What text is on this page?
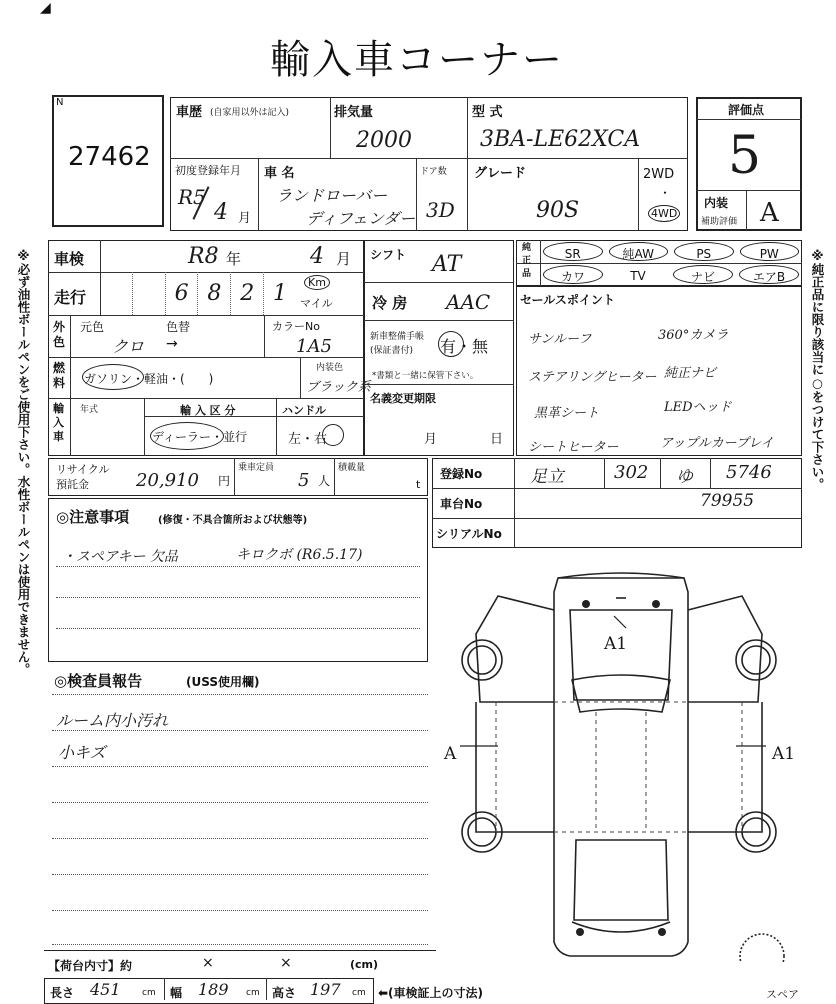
◢
輸入車コーナー
※必ず油性ボールペンをご使用下さい。水性ボールペンは使用できません。	※純正品に限り該当に○をつけて下さい。
N
27462
車歴 (自家用以外は記入)	排気量
2000
型 式
3BA-LE62XCA
初度登録年月
R5
4 月
車 名
ランドローバー
ディフェンダー
ドア数
3D
グレード
90S
2WD
・
4WD
評価点
5
内装
補助評価 A
車検	R8 年	4 月
走行	6 8 2 1	Km
マイル
外色
元色
クロ
色替
→
カラーNo
1A5
燃料 ガソリン・軽油・(　　)
内装色
ブラック系
輸入車
年式	輸 入 区 分
ディーラー・並行
ハンドル
左・右
シフト AT
冷 房 AAC
新車整備手帳(保証書付)	有・無
*書類と一緒に保管下さい。
名義変更期限
月	日
純正品
SR	純AW	PS	PW
カワ	TV	ナビ	エアB
セールスポイント
サンルーフ	360°カメラ
ステアリングヒーター 純正ナビ
黒革シート	LEDヘッド
シートヒーター	アップルカープレイ
リサイクル
預託金	20,910 円
乗車定員
5 人
積載量
t
登録No	足立	302 ゆ 5746
車台No	79955
シリアルNo
◎注意事項	(修復・不具合箇所および状態等)
・スペアキー 欠品	キロクボ (R6.5.17)
◎検査員報告	(USS使用欄)
ルーム内小汚れ
小キズ
A1
A	A1
スペア
【荷台内寸】約	×	×	(cm)
長さ 451 cm 幅 189 cm 高さ 197 cm ⬅(車検証上の寸法)
